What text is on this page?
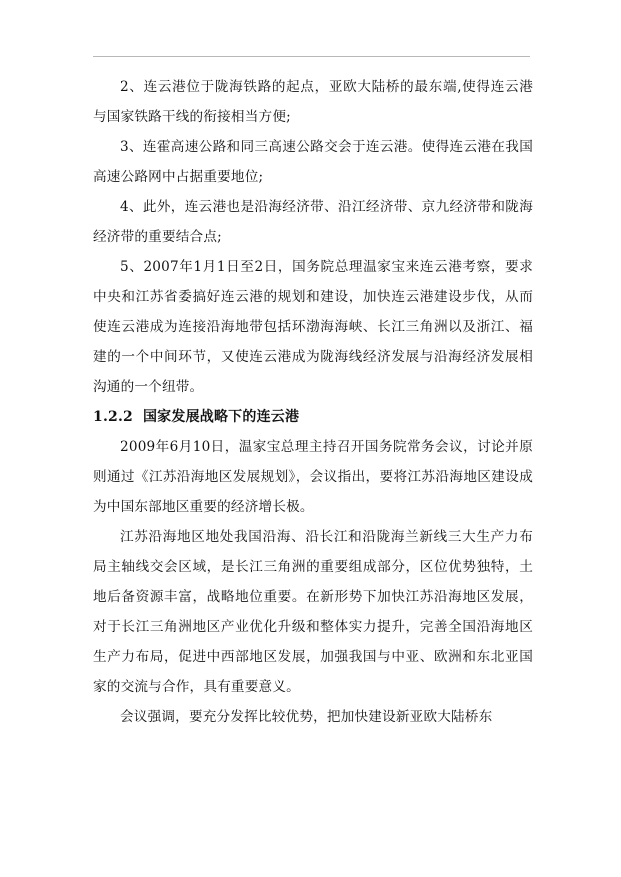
2、连云港位于陇海铁路的起点，亚欧大陆桥的最东端,使得连云港与国家铁路干线的衔接相当方便;

3、连霍高速公路和同三高速公路交会于连云港。使得连云港在我国高速公路网中占据重要地位;

4、此外，连云港也是沿海经济带、沿江经济带、京九经济带和陇海经济带的重要结合点;

5、2007年1月1日至2日，国务院总理温家宝来连云港考察，要求中央和江苏省委搞好连云港的规划和建设，加快连云港建设步伐，从而使连云港成为连接沿海地带包括环渤海海峡、长江三角洲以及浙江、福建的一个中间环节，又使连云港成为陇海线经济发展与沿海经济发展相沟通的一个纽带。

1.2.2 国家发展战略下的连云港

2009年6月10日，温家宝总理主持召开国务院常务会议，讨论并原则通过《江苏沿海地区发展规划》，会议指出，要将江苏沿海地区建设成为中国东部地区重要的经济增长极。

江苏沿海地区地处我国沿海、沿长江和沿陇海兰新线三大生产力布局主轴线交会区域，是长江三角洲的重要组成部分，区位优势独特，土地后备资源丰富，战略地位重要。在新形势下加快江苏沿海地区发展，对于长江三角洲地区产业优化升级和整体实力提升，完善全国沿海地区生产力布局，促进中西部地区发展，加强我国与中亚、欧洲和东北亚国家的交流与合作，具有重要意义。

会议强调，要充分发挥比较优势，把加快建设新亚欧大陆桥东
